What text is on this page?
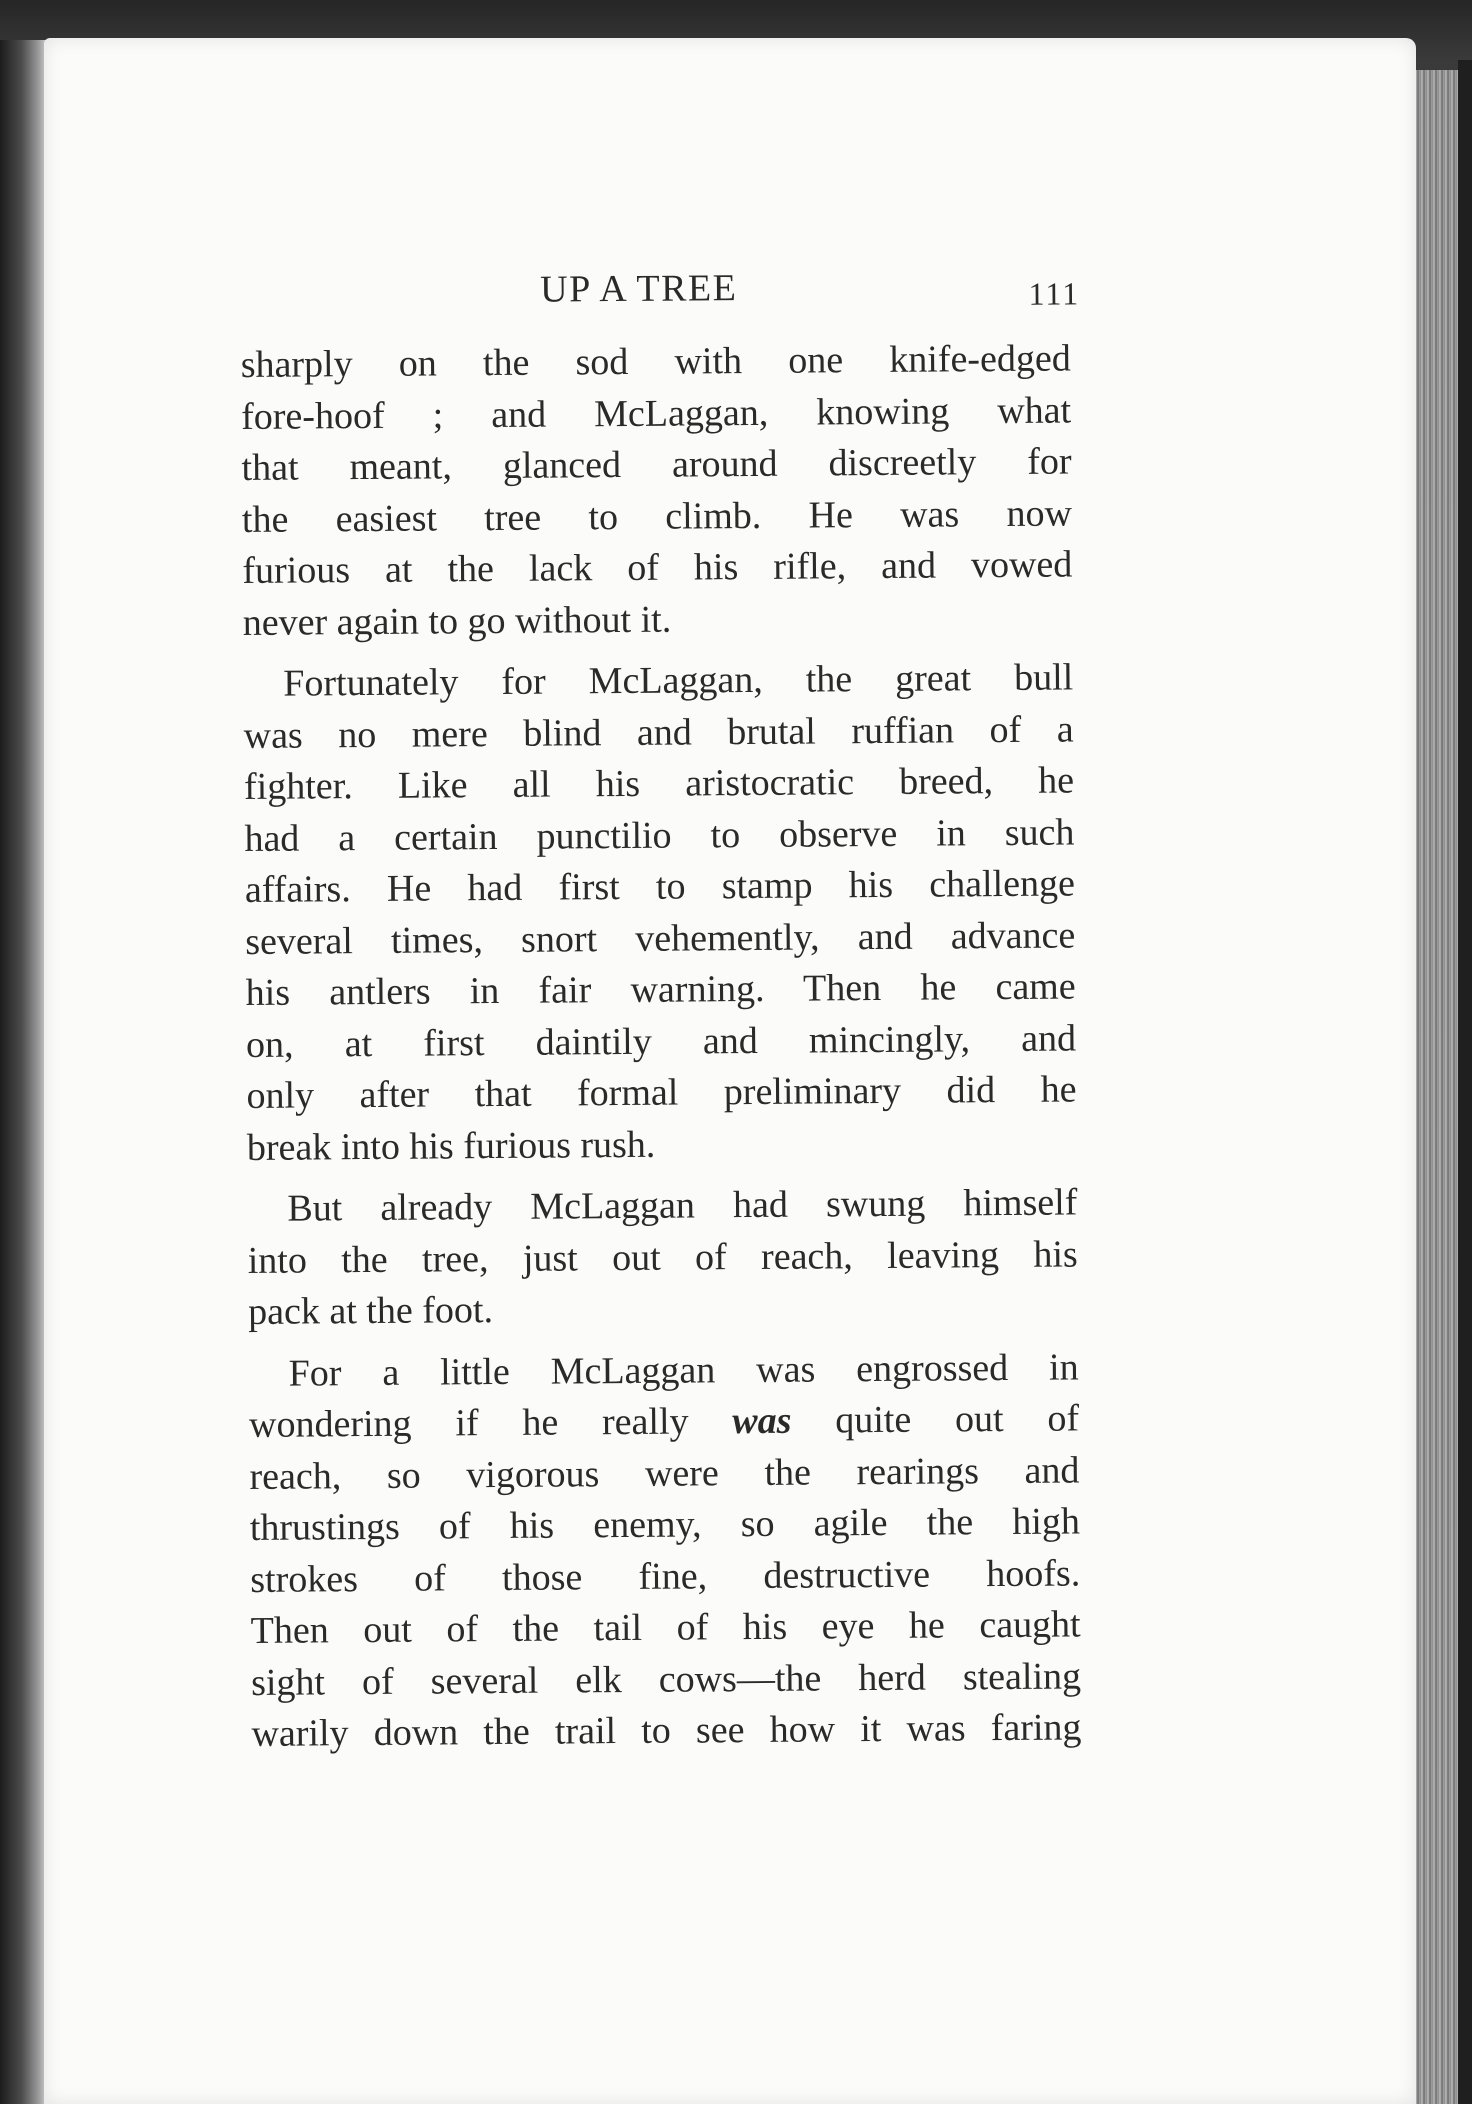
UP A TREE	111

sharply on the sod with one knife-edged
fore-hoof ; and McLaggan, knowing what
that meant, glanced around discreetly for
the easiest tree to climb. He was now
furious at the lack of his rifle, and vowed
never again to go without it.

Fortunately for McLaggan, the great bull
was no mere blind and brutal ruffian of a
fighter. Like all his aristocratic breed, he
had a certain punctilio to observe in such
affairs. He had first to stamp his challenge
several times, snort vehemently, and advance
his antlers in fair warning. Then he came
on, at first daintily and mincingly, and
only after that formal preliminary did he
break into his furious rush.

But already McLaggan had swung himself
into the tree, just out of reach, leaving his
pack at the foot.

For a little McLaggan was engrossed in
wondering if he really was quite out of
reach, so vigorous were the rearings and
thrustings of his enemy, so agile the high
strokes of those fine, destructive hoofs.
Then out of the tail of his eye he caught
sight of several elk cows—the herd stealing
warily down the trail to see how it was faring
